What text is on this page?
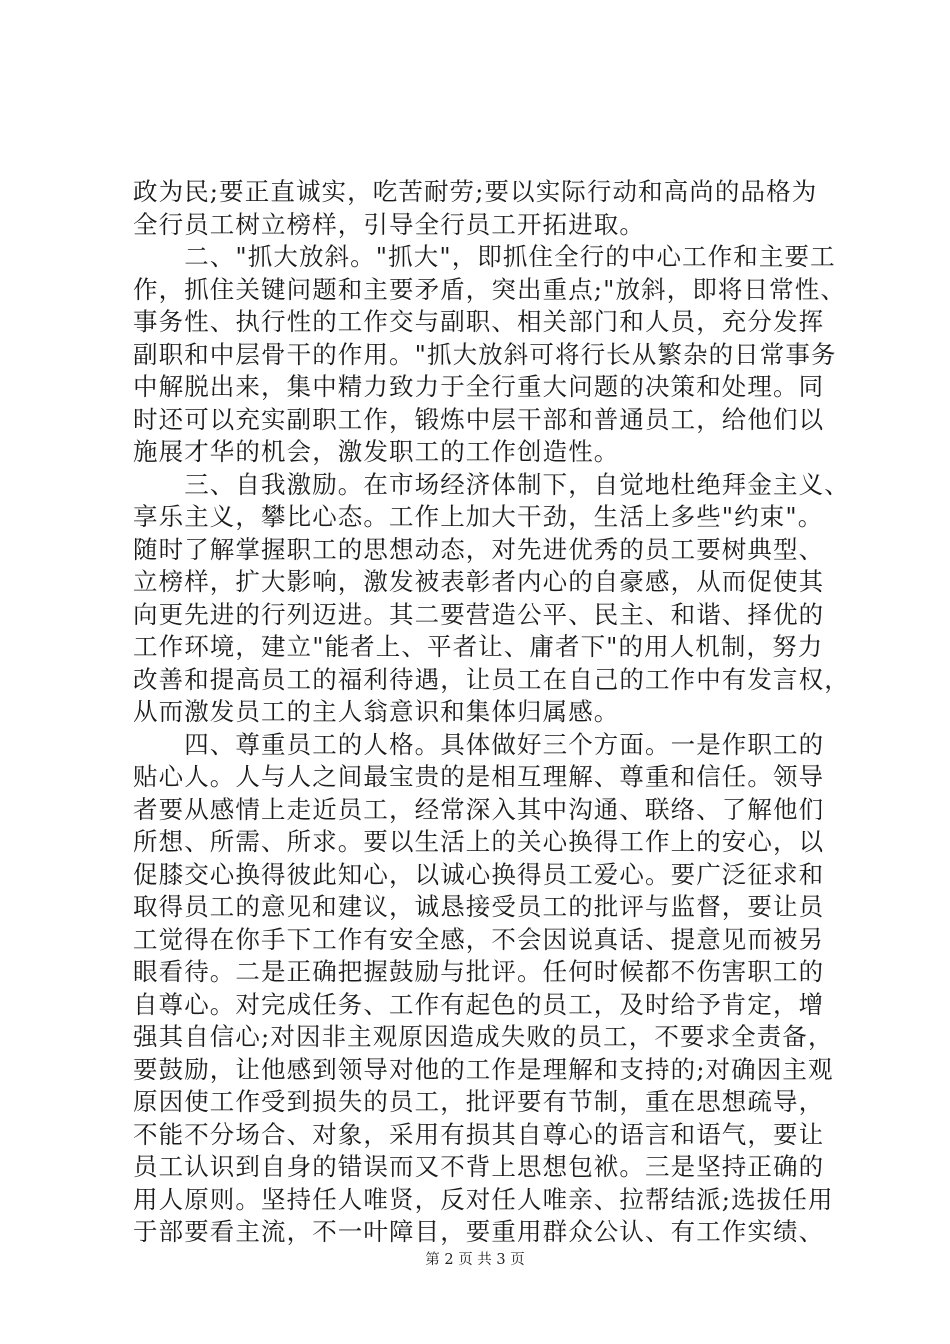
政为民;要正直诚实，吃苦耐劳;要以实际行动和高尚的品格为
全行员工树立榜样，引导全行员工开拓进取。
　　二、"抓大放斜。"抓大"，即抓住全行的中心工作和主要工
作，抓住关键问题和主要矛盾，突出重点;"放斜，即将日常性、
事务性、执行性的工作交与副职、相关部门和人员，充分发挥
副职和中层骨干的作用。"抓大放斜可将行长从繁杂的日常事务
中解脱出来，集中精力致力于全行重大问题的决策和处理。同
时还可以充实副职工作，锻炼中层干部和普通员工，给他们以
施展才华的机会，激发职工的工作创造性。
　　三、自我激励。在市场经济体制下，自觉地杜绝拜金主义、
享乐主义，攀比心态。工作上加大干劲，生活上多些"约束"。
随时了解掌握职工的思想动态，对先进优秀的员工要树典型、
立榜样，扩大影响，激发被表彰者内心的自豪感，从而促使其
向更先进的行列迈进。其二要营造公平、民主、和谐、择优的
工作环境，建立"能者上、平者让、庸者下"的用人机制，努力
改善和提高员工的福利待遇，让员工在自己的工作中有发言权，
从而激发员工的主人翁意识和集体归属感。
　　四、尊重员工的人格。具体做好三个方面。一是作职工的
贴心人。人与人之间最宝贵的是相互理解、尊重和信任。领导
者要从感情上走近员工，经常深入其中沟通、联络、了解他们
所想、所需、所求。要以生活上的关心换得工作上的安心，以
促膝交心换得彼此知心，以诚心换得员工爱心。要广泛征求和
取得员工的意见和建议，诚恳接受员工的批评与监督，要让员
工觉得在你手下工作有安全感，不会因说真话、提意见而被另
眼看待。二是正确把握鼓励与批评。任何时候都不伤害职工的
自尊心。对完成任务、工作有起色的员工，及时给予肯定，增
强其自信心;对因非主观原因造成失败的员工，不要求全责备，
要鼓励，让他感到领导对他的工作是理解和支持的;对确因主观
原因使工作受到损失的员工，批评要有节制，重在思想疏导，
不能不分场合、对象，采用有损其自尊心的语言和语气，要让
员工认识到自身的错误而又不背上思想包袱。三是坚持正确的
用人原则。坚持任人唯贤，反对任人唯亲、拉帮结派;选拔任用
于部要看主流，不一叶障目，要重用群众公认、有工作实绩、
第 2 页 共 3 页
